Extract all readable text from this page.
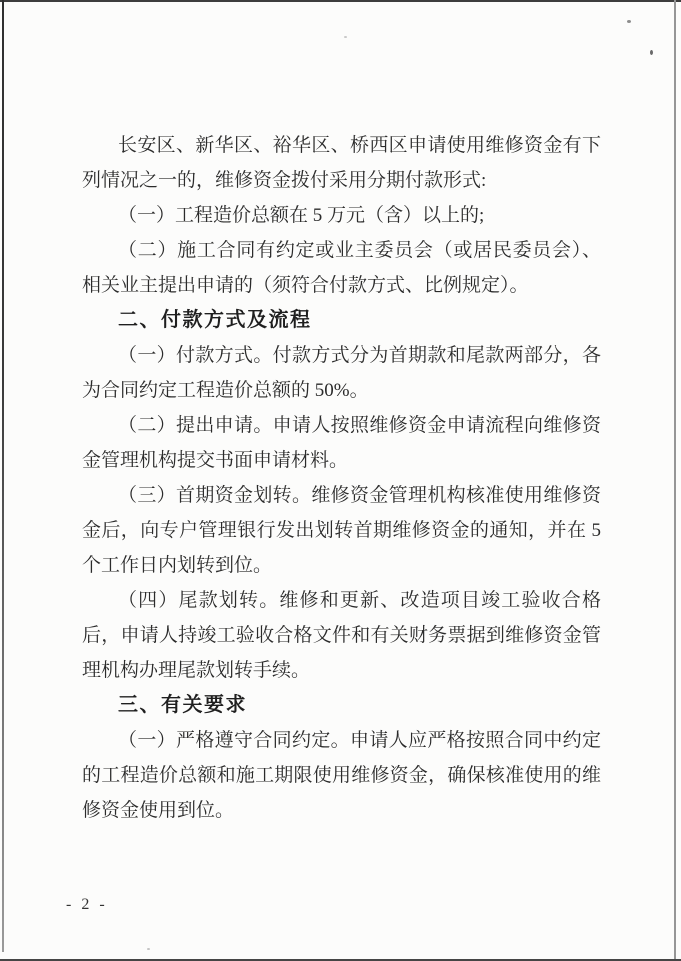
长安区、新华区、裕华区、桥西区申请使用维修资金有下
列情况之一的，维修资金拨付采用分期付款形式:
（一）工程造价总额在 5 万元（含）以上的;
（二）施工合同有约定或业主委员会（或居民委员会）、
相关业主提出申请的（须符合付款方式、比例规定）。
二、付款方式及流程
（一）付款方式。付款方式分为首期款和尾款两部分，各
为合同约定工程造价总额的 50%。
（二）提出申请。申请人按照维修资金申请流程向维修资
金管理机构提交书面申请材料。
（三）首期资金划转。维修资金管理机构核准使用维修资
金后，向专户管理银行发出划转首期维修资金的通知，并在 5
个工作日内划转到位。
（四）尾款划转。维修和更新、改造项目竣工验收合格
后，申请人持竣工验收合格文件和有关财务票据到维修资金管
理机构办理尾款划转手续。
三、有关要求
（一）严格遵守合同约定。申请人应严格按照合同中约定
的工程造价总额和施工期限使用维修资金，确保核准使用的维
修资金使用到位。
- 2 -
